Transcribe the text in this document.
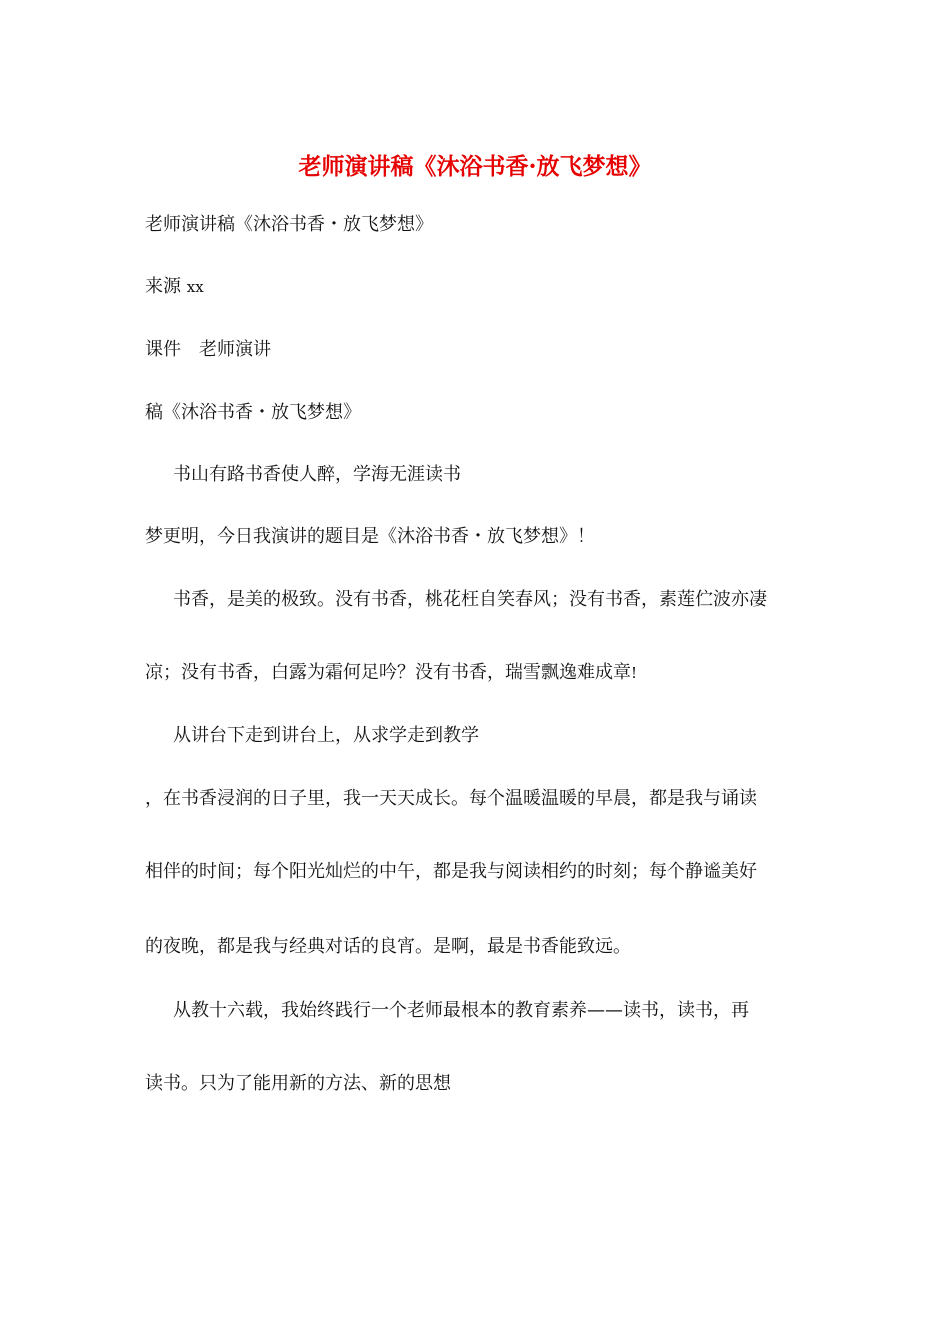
老师演讲稿《沐浴书香·放飞梦想》
老师演讲稿《沐浴书香・放飞梦想》
来源 xx
课件　老师演讲
稿《沐浴书香・放飞梦想》
书山有路书香使人醉，学海无涯读书
梦更明，今日我演讲的题目是《沐浴书香・放飞梦想》！
书香，是美的极致。没有书香，桃花枉自笑春风；没有书香，素莲伫波亦凄
凉；没有书香，白露为霜何足吟？没有书香，瑞雪飘逸难成章!
从讲台下走到讲台上，从求学走到教学
，在书香浸润的日子里，我一天天成长。每个温暖温暖的早晨，都是我与诵读
相伴的时间；每个阳光灿烂的中午，都是我与阅读相约的时刻；每个静谧美好
的夜晚，都是我与经典对话的良宵。是啊，最是书香能致远。
从教十六载，我始终践行一个老师最根本的教育素养——读书，读书，再
读书。只为了能用新的方法、新的思想
